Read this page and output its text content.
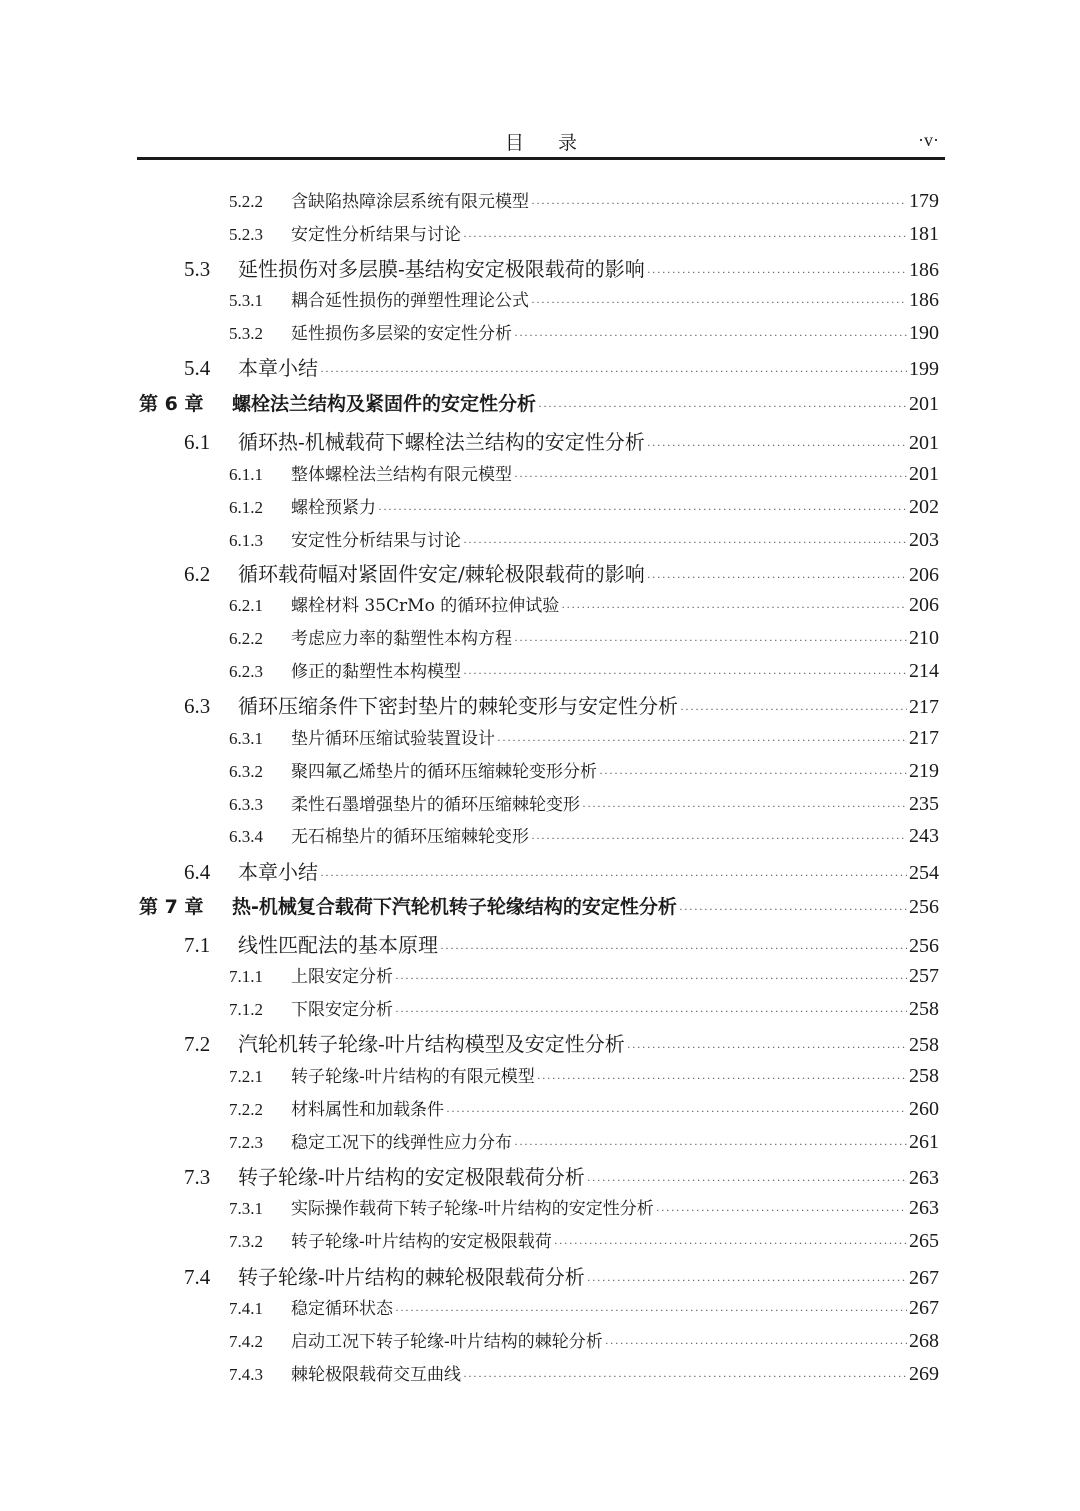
目录	·v·
5.2.2	含缺陷热障涂层系统有限元模型 ·····	179
5.2.3	安定性分析结果与讨论 ·····	181
5.3	延性损伤对多层膜-基结构安定极限载荷的影响 ·····	186
5.3.1	耦合延性损伤的弹塑性理论公式 ·····	186
5.3.2	延性损伤多层梁的安定性分析 ·····	190
5.4	本章小结 ·····	199
第 6 章	螺栓法兰结构及紧固件的安定性分析 ·····	201
6.1	循环热-机械载荷下螺栓法兰结构的安定性分析 ·····	201
6.1.1	整体螺栓法兰结构有限元模型 ·····	201
6.1.2	螺栓预紧力 ·····	202
6.1.3	安定性分析结果与讨论 ·····	203
6.2	循环载荷幅对紧固件安定/棘轮极限载荷的影响 ·····	206
6.2.1	螺栓材料 35CrMo 的循环拉伸试验 ·····	206
6.2.2	考虑应力率的黏塑性本构方程 ·····	210
6.2.3	修正的黏塑性本构模型 ·····	214
6.3	循环压缩条件下密封垫片的棘轮变形与安定性分析 ·····	217
6.3.1	垫片循环压缩试验装置设计 ·····	217
6.3.2	聚四氟乙烯垫片的循环压缩棘轮变形分析 ·····	219
6.3.3	柔性石墨增强垫片的循环压缩棘轮变形 ·····	235
6.3.4	无石棉垫片的循环压缩棘轮变形 ·····	243
6.4	本章小结 ·····	254
第 7 章	热-机械复合载荷下汽轮机转子轮缘结构的安定性分析 ·····	256
7.1	线性匹配法的基本原理 ·····	256
7.1.1	上限安定分析 ·····	257
7.1.2	下限安定分析 ·····	258
7.2	汽轮机转子轮缘-叶片结构模型及安定性分析 ·····	258
7.2.1	转子轮缘-叶片结构的有限元模型 ·····	258
7.2.2	材料属性和加载条件 ·····	260
7.2.3	稳定工况下的线弹性应力分布 ·····	261
7.3	转子轮缘-叶片结构的安定极限载荷分析 ·····	263
7.3.1	实际操作载荷下转子轮缘-叶片结构的安定性分析 ·····	263
7.3.2	转子轮缘-叶片结构的安定极限载荷 ·····	265
7.4	转子轮缘-叶片结构的棘轮极限载荷分析 ·····	267
7.4.1	稳定循环状态 ·····	267
7.4.2	启动工况下转子轮缘-叶片结构的棘轮分析 ·····	268
7.4.3	棘轮极限载荷交互曲线 ·····	269
